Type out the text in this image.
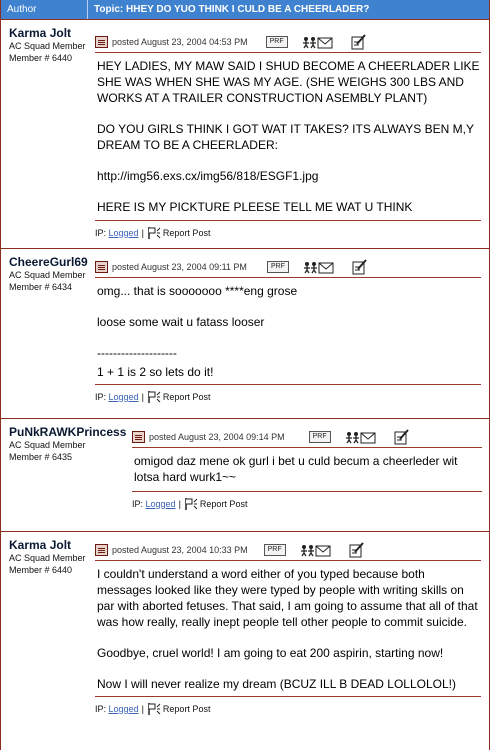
Author	Topic: HHEY DO YUO THINK I CULD BE A CHEERLADER?
Karma Jolt
AC Squad Member
Member # 6440
posted August 23, 2004 04:53 PM	PRF

HEY LADIES, MY MAW SAID I SHUD BECOME A CHEERLADER LIKE SHE WAS WHEN SHE WAS MY AGE. (SHE WEIGHS 300 LBS AND WORKS AT A TRAILER CONSTRUCTION ASEMBLY PLANT)

DO YOU GIRLS THINK I GOT WAT IT TAKES? ITS ALWAYS BEN M,Y DREAM TO BE A CHEERLADER:

http://img56.exs.cx/img56/818/ESGF1.jpg

HERE IS MY PICKTURE PLEESE TELL ME WAT U THINK

IP:
Logged | Report Post
CheereGurl69
AC Squad Member
Member # 6434
posted August 23, 2004 09:11 PM	PRF

omg... that is sooooooo ****eng grose

loose some wait u fatass looser

--------------------

1 + 1 is 2 so lets do it!

IP:
Logged | Report Post
PuNkRAWKPrincess
AC Squad Member
Member # 6435
posted August 23, 2004 09:14 PM	PRF

omigod daz mene ok gurl i bet u culd becum a cheerleder wit lotsa hard wurk1~~

IP:
Logged | Report Post
Karma Jolt
AC Squad Member
Member # 6440
posted August 23, 2004 10:33 PM	PRF

I couldn't understand a word either of you typed because both messages looked like they were typed by people with writing skills on par with aborted fetuses. That said, I am going to assume that all of that was how really, really inept people tell other people to commit suicide.

Goodbye, cruel world! I am going to eat 200 aspirin, starting now!

Now I will never realize my dream (BCUZ ILL B DEAD LOLLOLOL!)

IP:
Logged | Report Post
